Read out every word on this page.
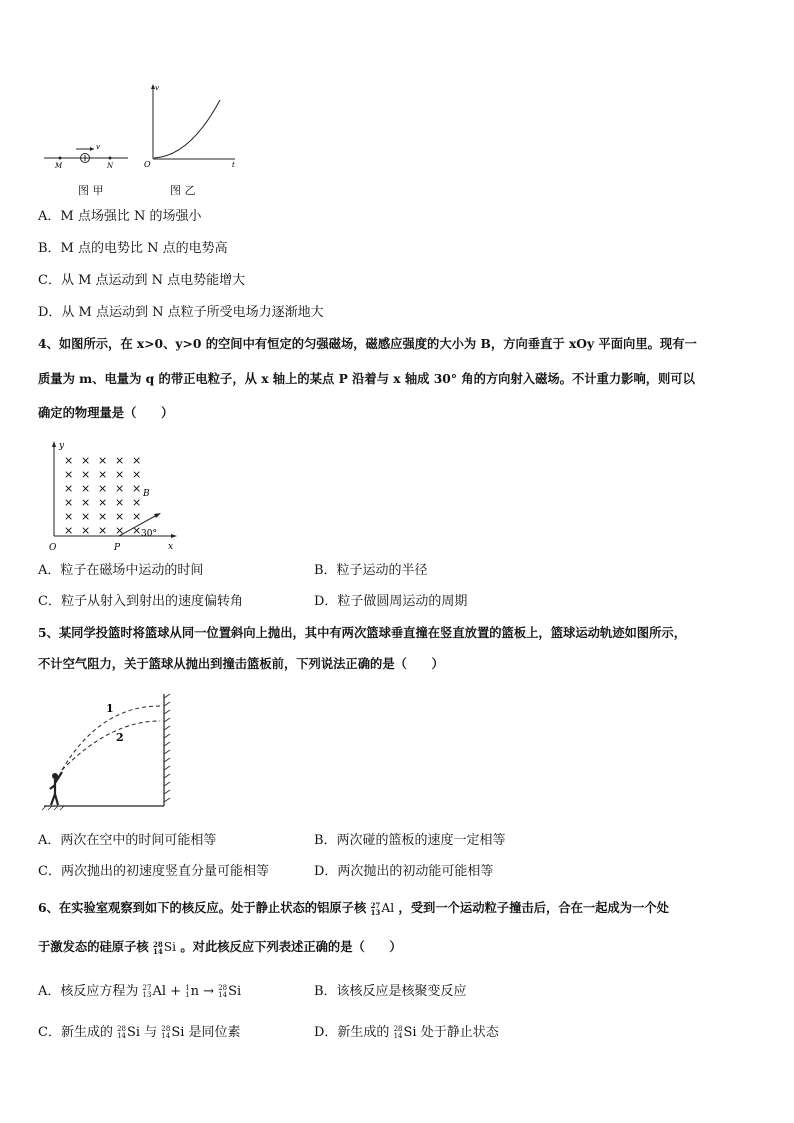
v
M	N
v
t
O
图 甲	图 乙
A．M 点场强比 N 的场强小
B．M 点的电势比 N 点的电势高
C．从 M 点运动到 N 点电势能增大
D．从 M 点运动到 N 点粒子所受电场力逐渐地大
4、如图所示，在 x>0、y>0 的空间中有恒定的匀强磁场，磁感应强度的大小为 B，方向垂直于 xOy 平面向里。现有一
质量为 m、电量为 q 的带正电粒子，从 x 轴上的某点 P 沿着与 x 轴成 30° 角的方向射入磁场。不计重力影响，则可以
确定的物理量是（　　）
y
x
O	P
B
30°
× × × × ×
× × × × ×
× × × × ×
× × × × ×
× × × × ×
× × × × ×
A．粒子在磁场中运动的时间	B．粒子运动的半径
C．粒子从射入到射出的速度偏转角	D．粒子做圆周运动的周期
5、某同学投篮时将篮球从同一位置斜向上抛出，其中有两次篮球垂直撞在竖直放置的篮板上，篮球运动轨迹如图所示，
不计空气阻力，关于篮球从抛出到撞击篮板前，下列说法正确的是（　　）
1
2
A．两次在空中的时间可能相等	B．两次碰的篮板的速度一定相等
C．两次抛出的初速度竖直分量可能相等	D．两次抛出的初动能可能相等
6、在实验室观察到如下的核反应。处于静止状态的铝原子核 27
13 Al ，受到一个运动粒子撞击后，合在一起成为一个处
于激发态的硅原子核 28
14 Si 。对此核反应下列表述正确的是（　　）
A．核反应方程为 27
13 Al + 1
1 n → 28
14 Si	B．该核反应是核聚变反应
C．新生成的 28
14 Si 与 28
14 Si 是同位素	D．新生成的 28
14 Si 处于静止状态
